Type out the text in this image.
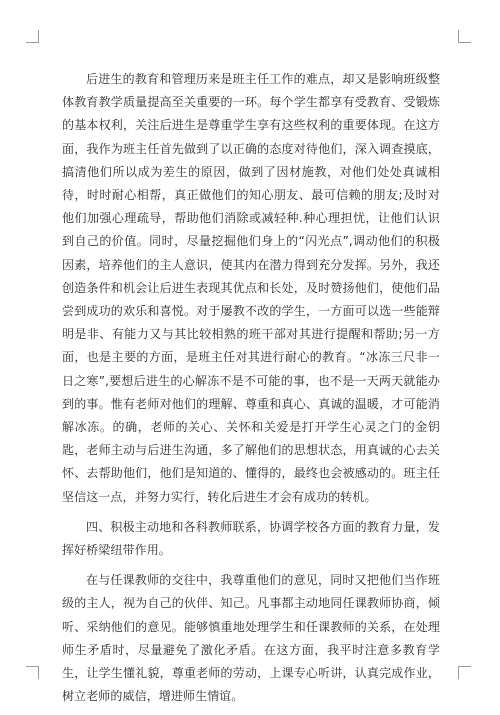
后进生的教育和管理历来是班主任工作的难点，却又是影响班级整体教育教学质量提高至关重要的一环。每个学生都享有受教育、受锻炼的基本权利，关注后进生是尊重学生享有这些权利的重要体现。在这方面，我作为班主任首先做到了以正确的态度对待他们，深入调查摸底，搞清他们所以成为差生的原因，做到了因材施教，对他们处处真诚相待，时时耐心相帮，真正做他们的知心朋友、最可信赖的朋友;及时对他们加强心理疏导，帮助他们消除或减轻种.种心理担忧，让他们认识到自己的价值。同时，尽量挖掘他们身上的“闪光点”,调动他们的积极因素，培养他们的主人意识，使其内在潜力得到充分发挥。另外，我还创造条件和机会让后进生表现其优点和长处，及时赞扬他们，使他们品尝到成功的欢乐和喜悦。对于屡教不改的学生，一方面可以选一些能辩明是非、有能力又与其比较相熟的班干部对其进行提醒和帮助;另一方面，也是主要的方面，是班主任对其进行耐心的教育。“冰冻三尺非一日之寒”,要想后进生的心解冻不是不可能的事，也不是一天两天就能办到的事。惟有老师对他们的理解、尊重和真心、真诚的温暖，才可能消解冰冻。的确，老师的关心、关怀和关爱是打开学生心灵之门的金钥匙，老师主动与后进生沟通，多了解他们的思想状态，用真诚的心去关怀、去帮助他们，他们是知道的、懂得的，最终也会被感动的。班主任坚信这一点，并努力实行，转化后进生才会有成功的转机。

四、积极主动地和各科教师联系，协调学校各方面的教育力量，发挥好桥梁纽带作用。

在与任课教师的交往中，我尊重他们的意见，同时又把他们当作班级的主人，视为自己的伙伴、知己。凡事都主动地同任课教师协商，倾听、采纳他们的意见。能够慎重地处理学生和任课教师的关系，在处理师生矛盾时，尽量避免了激化矛盾。在这方面，我平时注意多教育学生，让学生懂礼貌，尊重老师的劳动，上课专心听讲，认真完成作业，树立老师的威信，增进师生情谊。
